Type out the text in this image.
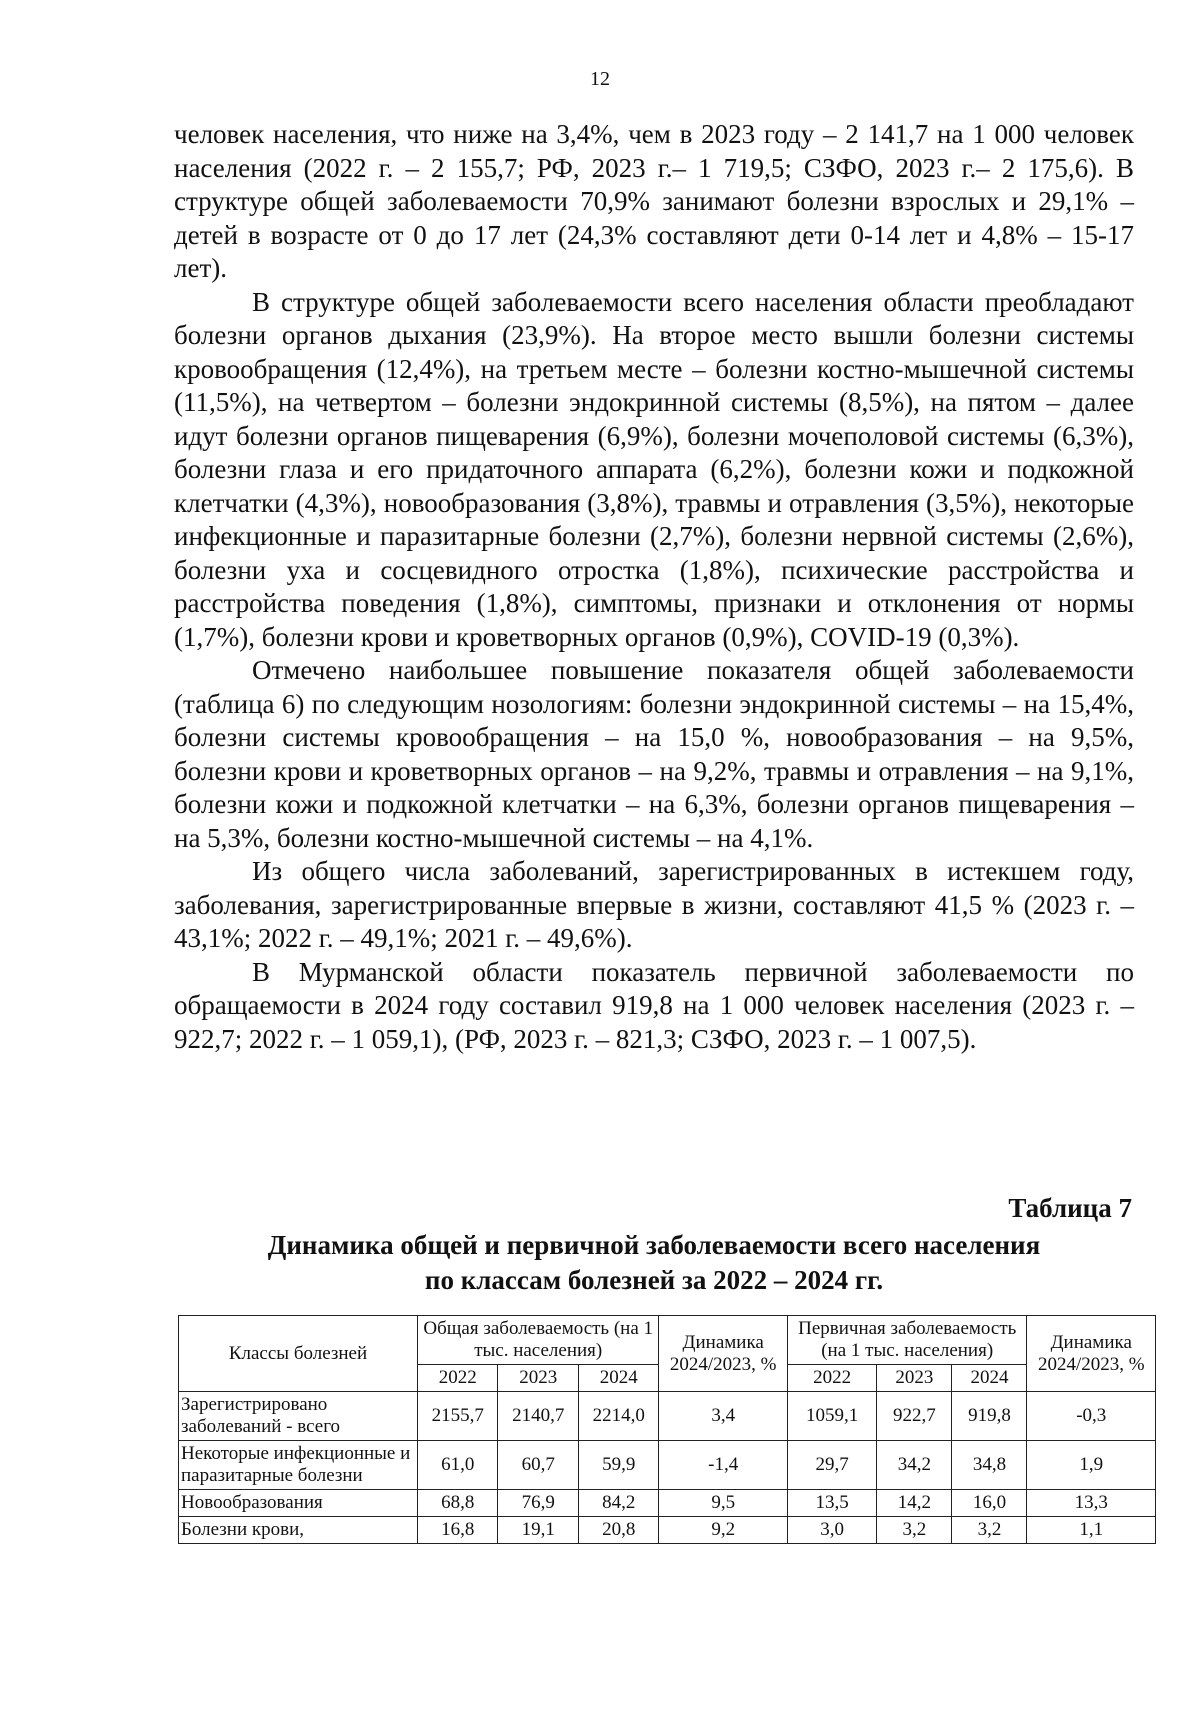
12

человек населения, что ниже на 3,4%, чем в 2023 году – 2 141,7 на 1 000 человек населения (2022 г. – 2 155,7; РФ, 2023 г.– 1 719,5; СЗФО, 2023 г.– 2 175,6). В структуре общей заболеваемости 70,9% занимают болезни взрослых и 29,1% – детей в возрасте от 0 до 17 лет (24,3% составляют дети 0-14 лет и 4,8% – 15-17 лет).

В структуре общей заболеваемости всего населения области преобладают болезни органов дыхания (23,9%). На второе место вышли болезни системы кровообращения (12,4%), на третьем месте – болезни костно-мышечной системы (11,5%), на четвертом – болезни эндокринной системы (8,5%), на пятом – далее идут болезни органов пищеварения (6,9%), болезни мочеполовой системы (6,3%), болезни глаза и его придаточного аппарата (6,2%), болезни кожи и подкожной клетчатки (4,3%), новообразования (3,8%), травмы и отравления (3,5%), некоторые инфекционные и паразитарные болезни (2,7%), болезни нервной системы (2,6%), болезни уха и сосцевидного отростка (1,8%), психические расстройства и расстройства поведения (1,8%), симптомы, признаки и отклонения от нормы (1,7%), болезни крови и кроветворных органов (0,9%), COVID-19 (0,3%).

Отмечено наибольшее повышение показателя общей заболеваемости (таблица 6) по следующим нозологиям: болезни эндокринной системы – на 15,4%, болезни системы кровообращения – на 15,0 %, новообразования – на 9,5%, болезни крови и кроветворных органов – на 9,2%, травмы и отравления – на 9,1%, болезни кожи и подкожной клетчатки – на 6,3%, болезни органов пищеварения – на 5,3%, болезни костно-мышечной системы – на 4,1%.

Из общего числа заболеваний, зарегистрированных в истекшем году, заболевания, зарегистрированные впервые в жизни, составляют 41,5 % (2023 г. – 43,1%; 2022 г. – 49,1%; 2021 г. – 49,6%).

В Мурманской области показатель первичной заболеваемости по обращаемости в 2024 году составил 919,8 на 1 000 человек населения (2023 г. – 922,7; 2022 г. – 1 059,1), (РФ, 2023 г. – 821,3; СЗФО, 2023 г. – 1 007,5).

Таблица 7
Динамика общей и первичной заболеваемости всего населения
по классам болезней за 2022 – 2024 гг.
Классы болезней	Общая заболеваемость (на 1 тыс. населения)			Динамика 2024/2023, %	Первичная заболеваемость (на 1 тыс. населения)			Динамика 2024/2023, %
	2022	2023	2024		2022	2023	2024	
Зарегистрировано заболеваний - всего	2155,7	2140,7	2214,0	3,4	1059,1	922,7	919,8	-0,3
Некоторые инфекционные и паразитарные болезни	61,0	60,7	59,9	-1,4	29,7	34,2	34,8	1,9
Новообразования	68,8	76,9	84,2	9,5	13,5	14,2	16,0	13,3
Болезни крови,	16,8	19,1	20,8	9,2	3,0	3,2	3,2	1,1
